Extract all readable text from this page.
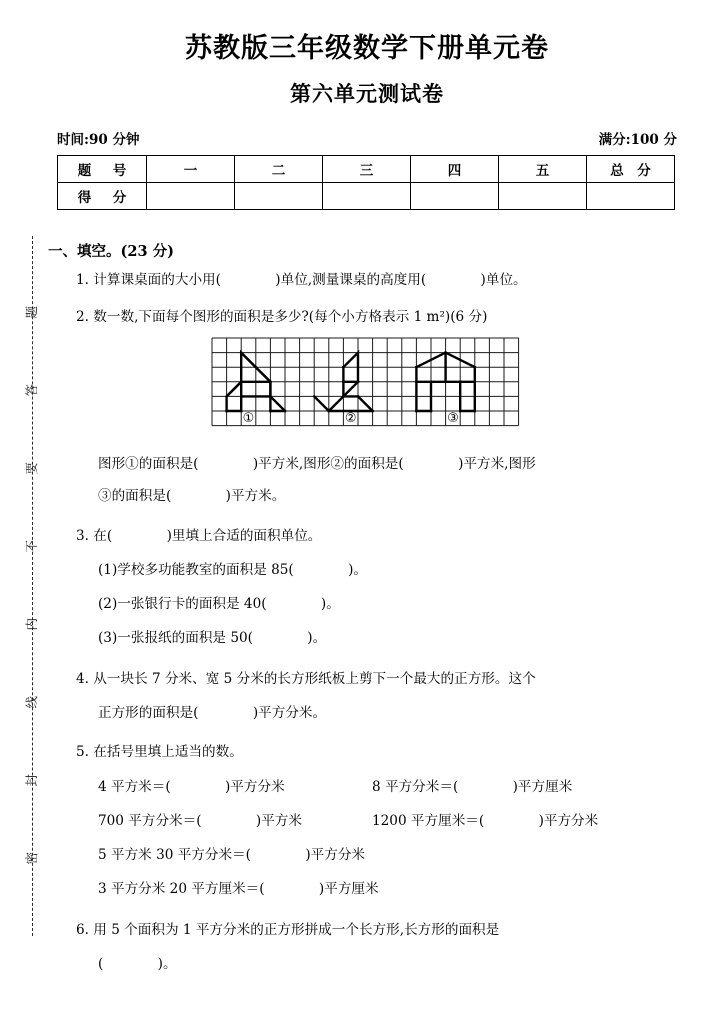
题
答
要
不
内
线
封
密
苏教版三年级数学下册单元卷
第六单元测试卷
时间:90 分钟	满分:100 分
题　号	一	二	三	四	五	总　分
得　分						
一、填空。(23 分)
1. 计算课桌面的大小用(　　　　)单位,测量课桌的高度用(　　　　)单位。
2. 数一数,下面每个图形的面积是多少?(每个小方格表示 1 m²)(6 分)
①	②	③
图形①的面积是(　　　　)平方米,图形②的面积是(　　　　)平方米,图形
③的面积是(　　　　)平方米。
3. 在(　　　　)里填上合适的面积单位。
(1)学校多功能教室的面积是 85(　　　　)。
(2)一张银行卡的面积是 40(　　　　)。
(3)一张报纸的面积是 50(　　　　)。
4. 从一块长 7 分米、宽 5 分米的长方形纸板上剪下一个最大的正方形。这个
正方形的面积是(　　　　)平方分米。
5. 在括号里填上适当的数。
4 平方米＝(　　　　)平方分米	8 平方分米＝(　　　　)平方厘米
700 平方分米＝(　　　　)平方米	1200 平方厘米＝(　　　　)平方分米
5 平方米 30 平方分米＝(　　　　)平方分米
3 平方分米 20 平方厘米＝(　　　　)平方厘米
6. 用 5 个面积为 1 平方分米的正方形拼成一个长方形,长方形的面积是
(　　　　)。
